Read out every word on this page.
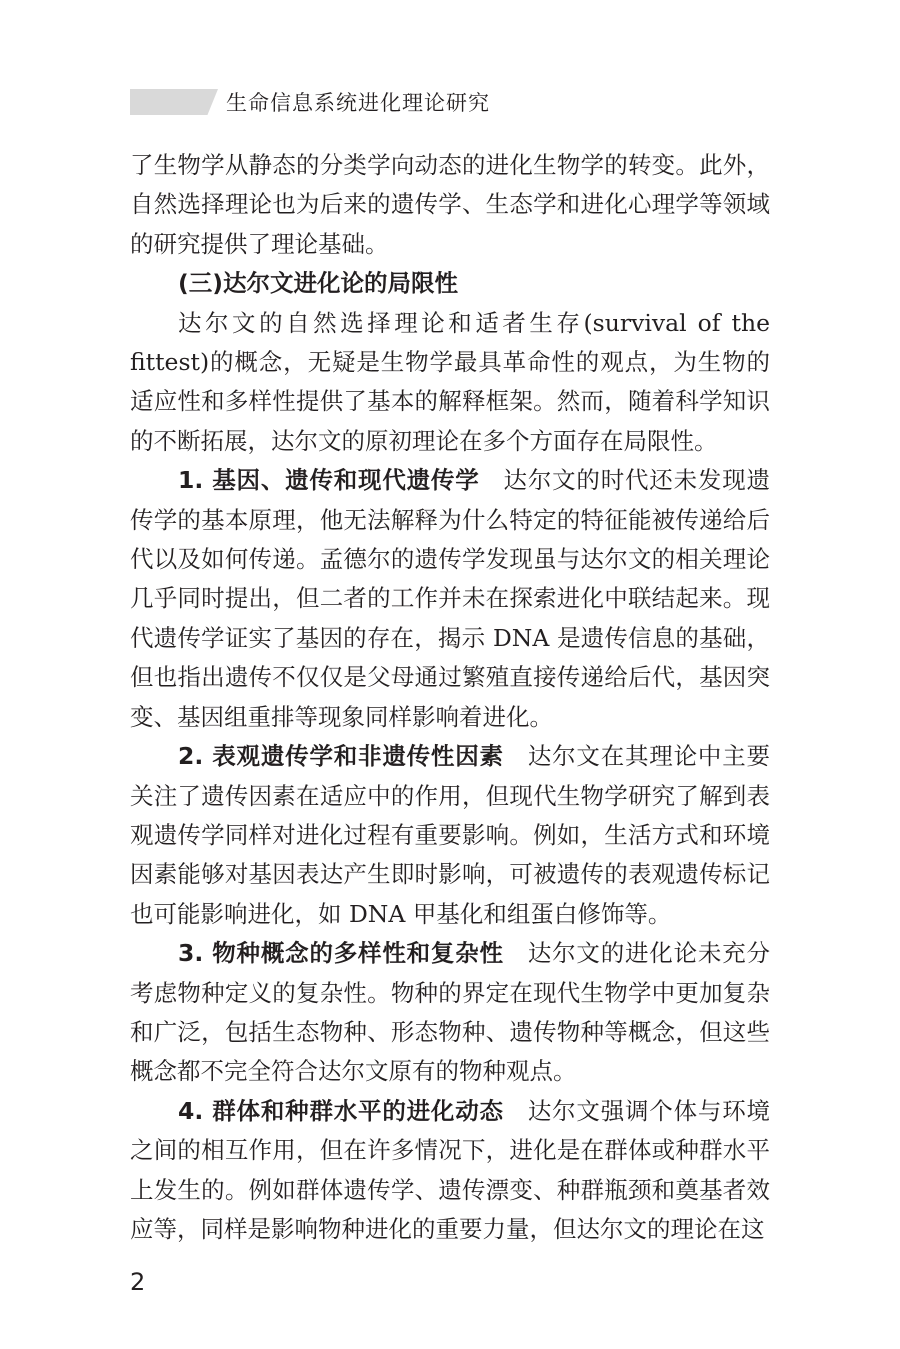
生命信息系统进化理论研究

了生物学从静态的分类学向动态的进化生物学的转变。此外，自然选择理论也为后来的遗传学、生态学和进化心理学等领域的研究提供了理论基础。

(三)达尔文进化论的局限性

达尔文的自然选择理论和适者生存(survival of the fittest)的概念，无疑是生物学最具革命性的观点，为生物的适应性和多样性提供了基本的解释框架。然而，随着科学知识的不断拓展，达尔文的原初理论在多个方面存在局限性。

1. 基因、遗传和现代遗传学 达尔文的时代还未发现遗传学的基本原理，他无法解释为什么特定的特征能被传递给后代以及如何传递。孟德尔的遗传学发现虽与达尔文的相关理论几乎同时提出，但二者的工作并未在探索进化中联结起来。现代遗传学证实了基因的存在，揭示 DNA 是遗传信息的基础，但也指出遗传不仅仅是父母通过繁殖直接传递给后代，基因突变、基因组重排等现象同样影响着进化。

2. 表观遗传学和非遗传性因素 达尔文在其理论中主要关注了遗传因素在适应中的作用，但现代生物学研究了解到表观遗传学同样对进化过程有重要影响。例如，生活方式和环境因素能够对基因表达产生即时影响，可被遗传的表观遗传标记也可能影响进化，如 DNA 甲基化和组蛋白修饰等。

3. 物种概念的多样性和复杂性 达尔文的进化论未充分考虑物种定义的复杂性。物种的界定在现代生物学中更加复杂和广泛，包括生态物种、形态物种、遗传物种等概念，但这些概念都不完全符合达尔文原有的物种观点。

4. 群体和种群水平的进化动态 达尔文强调个体与环境之间的相互作用，但在许多情况下，进化是在群体或种群水平上发生的。例如群体遗传学、遗传漂变、种群瓶颈和奠基者效应等，同样是影响物种进化的重要力量，但达尔文的理论在这

2
